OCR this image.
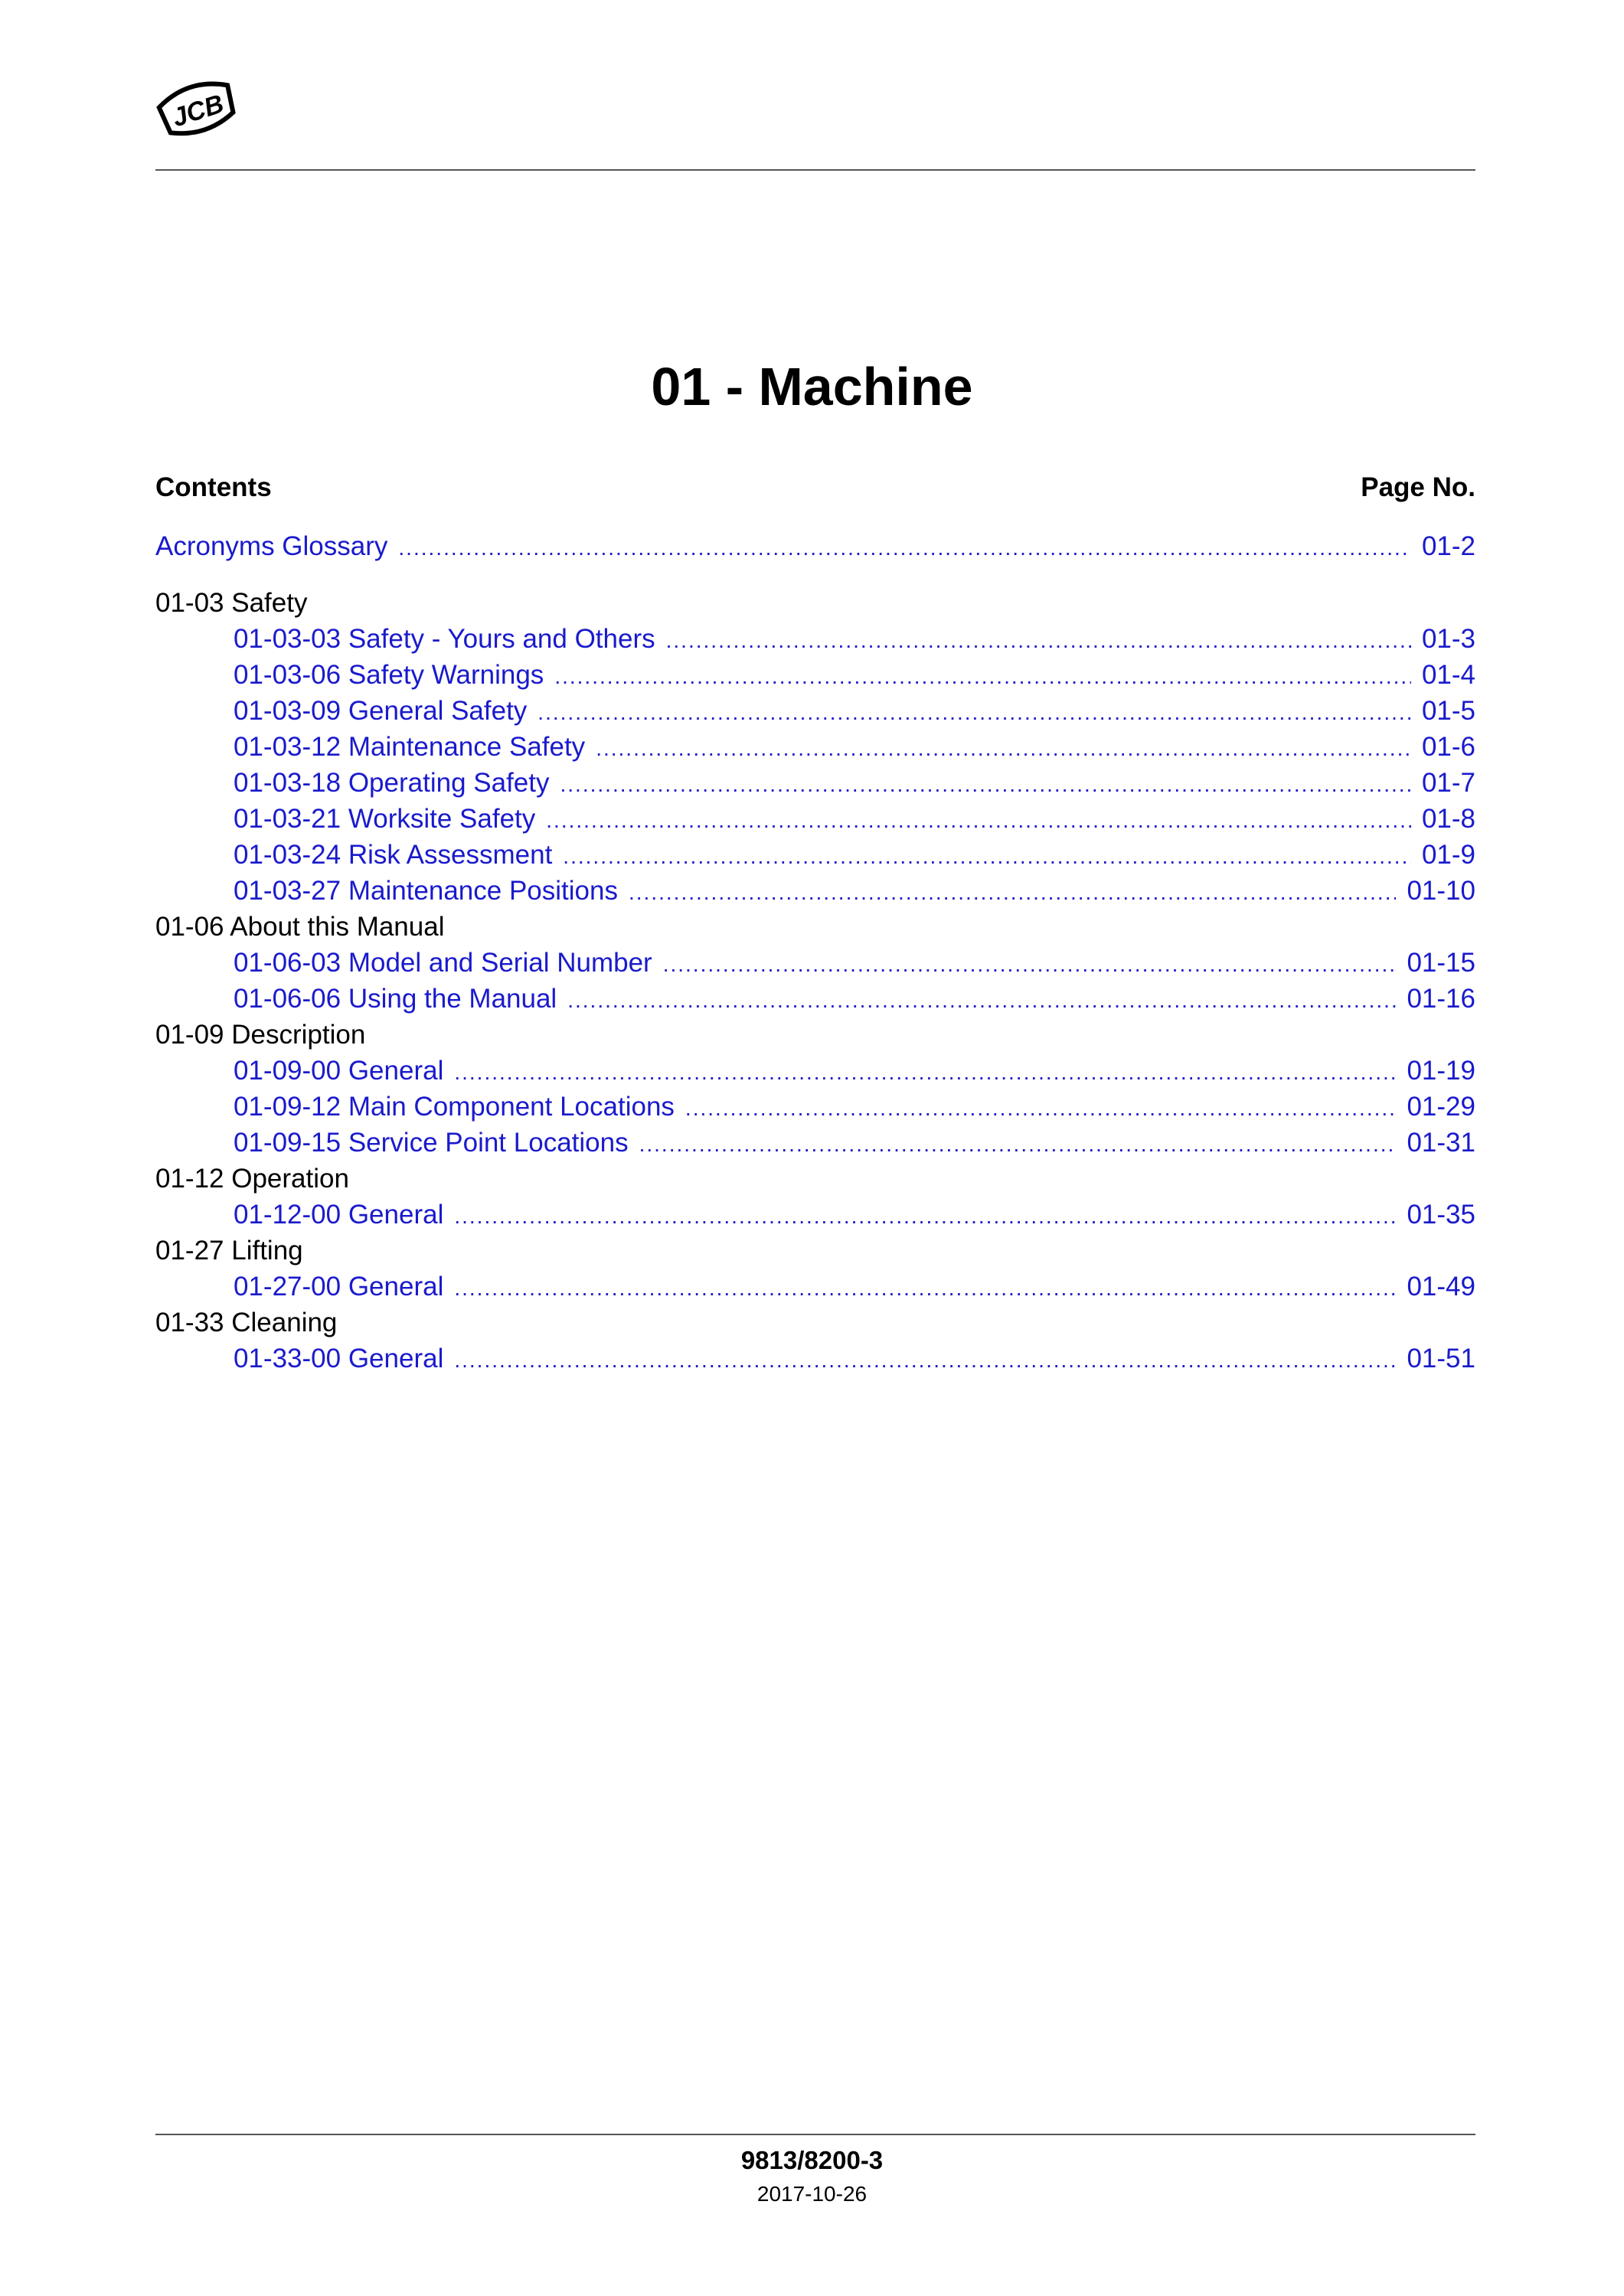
JCB
01 - Machine
Contents	Page No.
Acronyms Glossary .....	01-2
01-03 Safety
01-03-03 Safety - Yours and Others .....	01-3
01-03-06 Safety Warnings .....	01-4
01-03-09 General Safety .....	01-5
01-03-12 Maintenance Safety .....	01-6
01-03-18 Operating Safety .....	01-7
01-03-21 Worksite Safety .....	01-8
01-03-24 Risk Assessment .....	01-9
01-03-27 Maintenance Positions .....	01-10
01-06 About this Manual
01-06-03 Model and Serial Number .....	01-15
01-06-06 Using the Manual .....	01-16
01-09 Description
01-09-00 General .....	01-19
01-09-12 Main Component Locations .....	01-29
01-09-15 Service Point Locations .....	01-31
01-12 Operation
01-12-00 General .....	01-35
01-27 Lifting
01-27-00 General .....	01-49
01-33 Cleaning
01-33-00 General .....	01-51
9813/8200-3
2017-10-26
